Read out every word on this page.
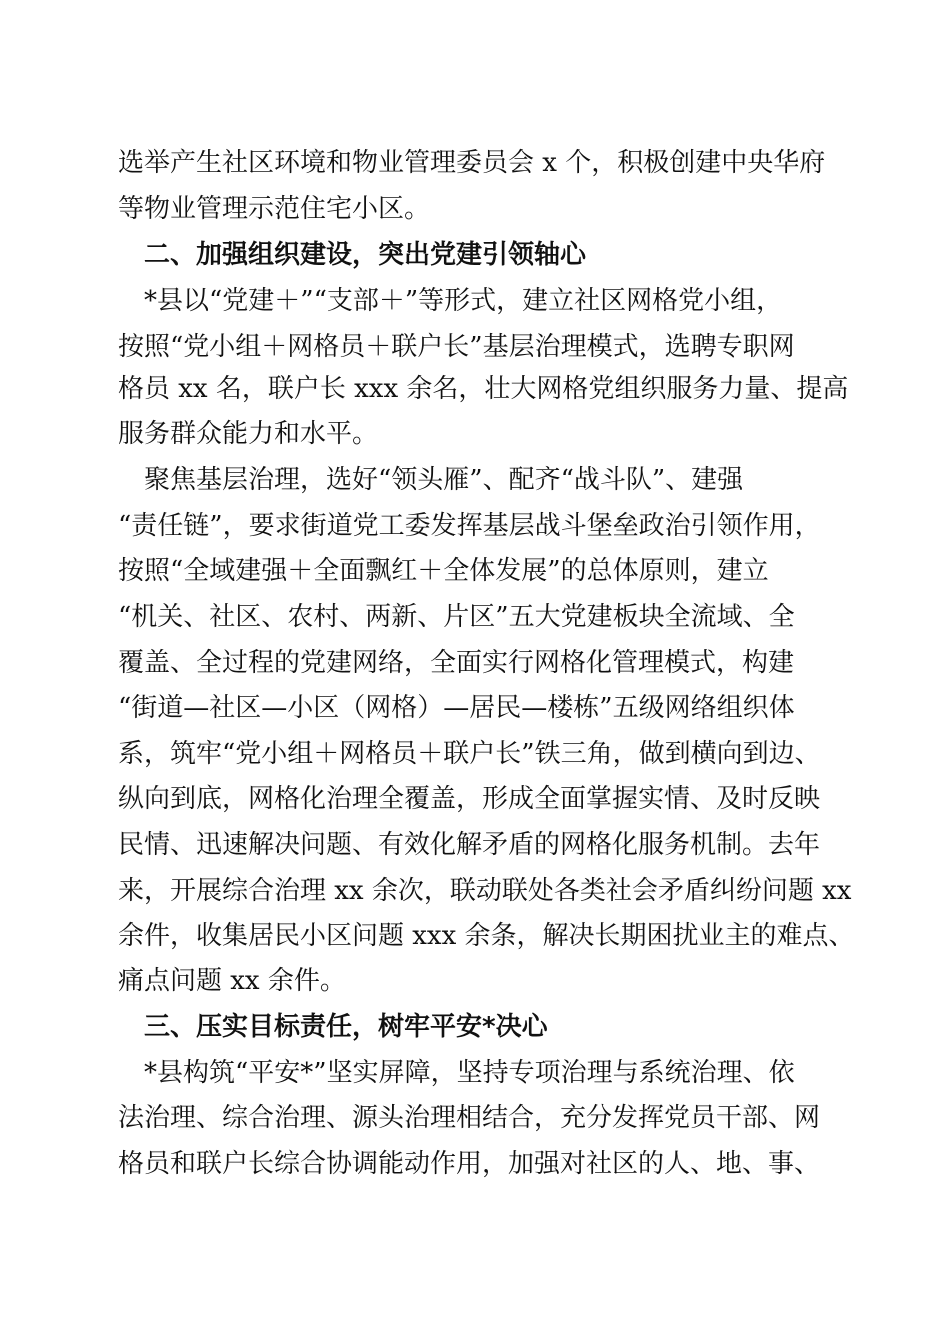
选举产生社区环境和物业管理委员会 x 个，积极创建中央华府
等物业管理示范住宅小区。
　二、加强组织建设，突出党建引领轴心
　*县以“党建＋”“支部＋”等形式，建立社区网格党小组，
按照“党小组＋网格员＋联户长”基层治理模式，选聘专职网
格员 xx 名，联户长 xxx 余名，壮大网格党组织服务力量、提高
服务群众能力和水平。
　聚焦基层治理，选好“领头雁”、配齐“战斗队”、建强
“责任链”，要求街道党工委发挥基层战斗堡垒政治引领作用，
按照“全域建强＋全面飘红＋全体发展”的总体原则，建立
“机关、社区、农村、两新、片区”五大党建板块全流域、全
覆盖、全过程的党建网络，全面实行网格化管理模式，构建
“街道—社区—小区（网格）—居民—楼栋”五级网络组织体
系，筑牢“党小组＋网格员＋联户长”铁三角，做到横向到边、
纵向到底，网格化治理全覆盖，形成全面掌握实情、及时反映
民情、迅速解决问题、有效化解矛盾的网格化服务机制。去年
来，开展综合治理 xx 余次，联动联处各类社会矛盾纠纷问题 xx
余件，收集居民小区问题 xxx 余条，解决长期困扰业主的难点、
痛点问题 xx 余件。
　三、压实目标责任，树牢平安*决心
　*县构筑“平安*”坚实屏障，坚持专项治理与系统治理、依
法治理、综合治理、源头治理相结合，充分发挥党员干部、网
格员和联户长综合协调能动作用，加强对社区的人、地、事、
